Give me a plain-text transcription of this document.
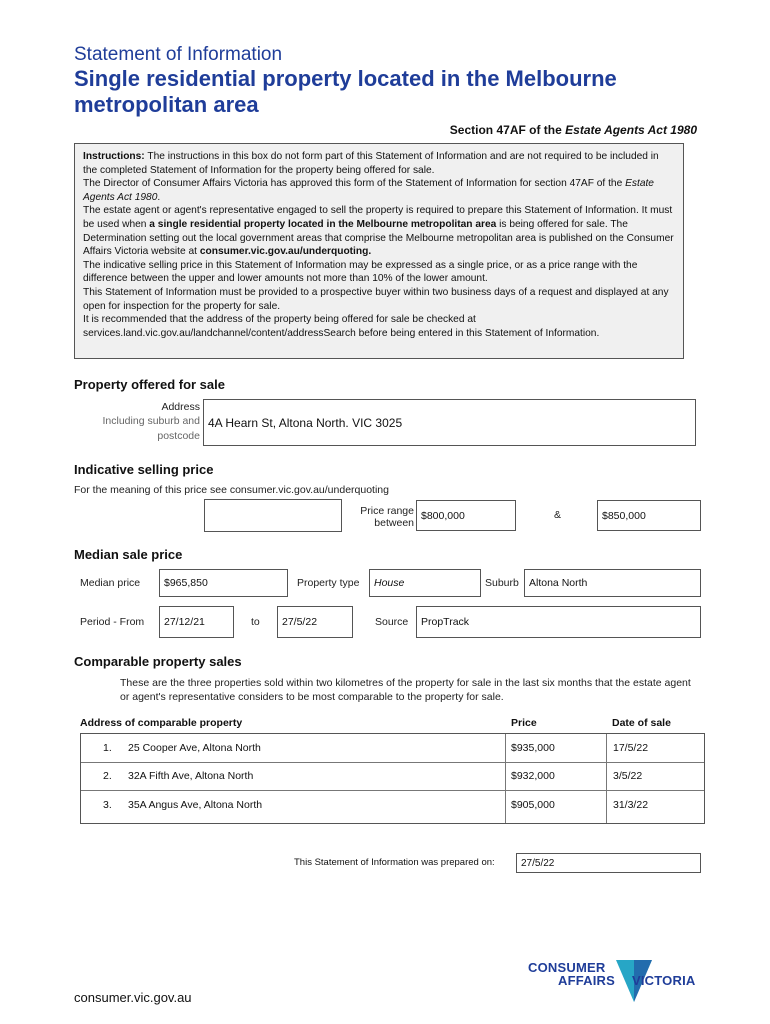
Statement of Information
Single residential property located in the Melbourne metropolitan area
Section 47AF of the Estate Agents Act 1980

Instructions: The instructions in this box do not form part of this Statement of Information and are not required to be included in the completed Statement of Information for the property being offered for sale.

The Director of Consumer Affairs Victoria has approved this form of the Statement of Information for section 47AF of the Estate Agents Act 1980.

The estate agent or agent's representative engaged to sell the property is required to prepare this Statement of Information. It must be used when a single residential property located in the Melbourne metropolitan area is being offered for sale. The Determination setting out the local government areas that comprise the Melbourne metropolitan area is published on the Consumer Affairs Victoria website at consumer.vic.gov.au/underquoting.

The indicative selling price in this Statement of Information may be expressed as a single price, or as a price range with the difference between the upper and lower amounts not more than 10% of the lower amount.

This Statement of Information must be provided to a prospective buyer within two business days of a request and displayed at any open for inspection for the property for sale.

It is recommended that the address of the property being offered for sale be checked at services.land.vic.gov.au/landchannel/content/addressSearch before being entered in this Statement of Information.

Property offered for sale
Address
Including suburb and
postcode
4A Hearn St, Altona North. VIC 3025
Indicative selling price
For the meaning of this price see consumer.vic.gov.au/underquoting
Price range
between
$800,000	&	$850,000
Median sale price
Median price	$965,850	Property type	House	Suburb Altona North
Period - From	27/12/21	to	27/5/22	Source	PropTrack
Comparable property sales
These are the three properties sold within two kilometres of the property for sale in the last six months that the estate agent or agent's representative considers to be most comparable to the property for sale.
Address of comparable property	Price	Date of sale
1. 25 Cooper Ave, Altona North	$935,000	17/5/22
2. 32A Fifth Ave, Altona North	$932,000	3/5/22
3. 35A Angus Ave, Altona North	$905,000	31/3/22
This Statement of Information was prepared on:	27/5/22
CONSUMER
AFFAIRS VICTORIA
consumer.vic.gov.au
